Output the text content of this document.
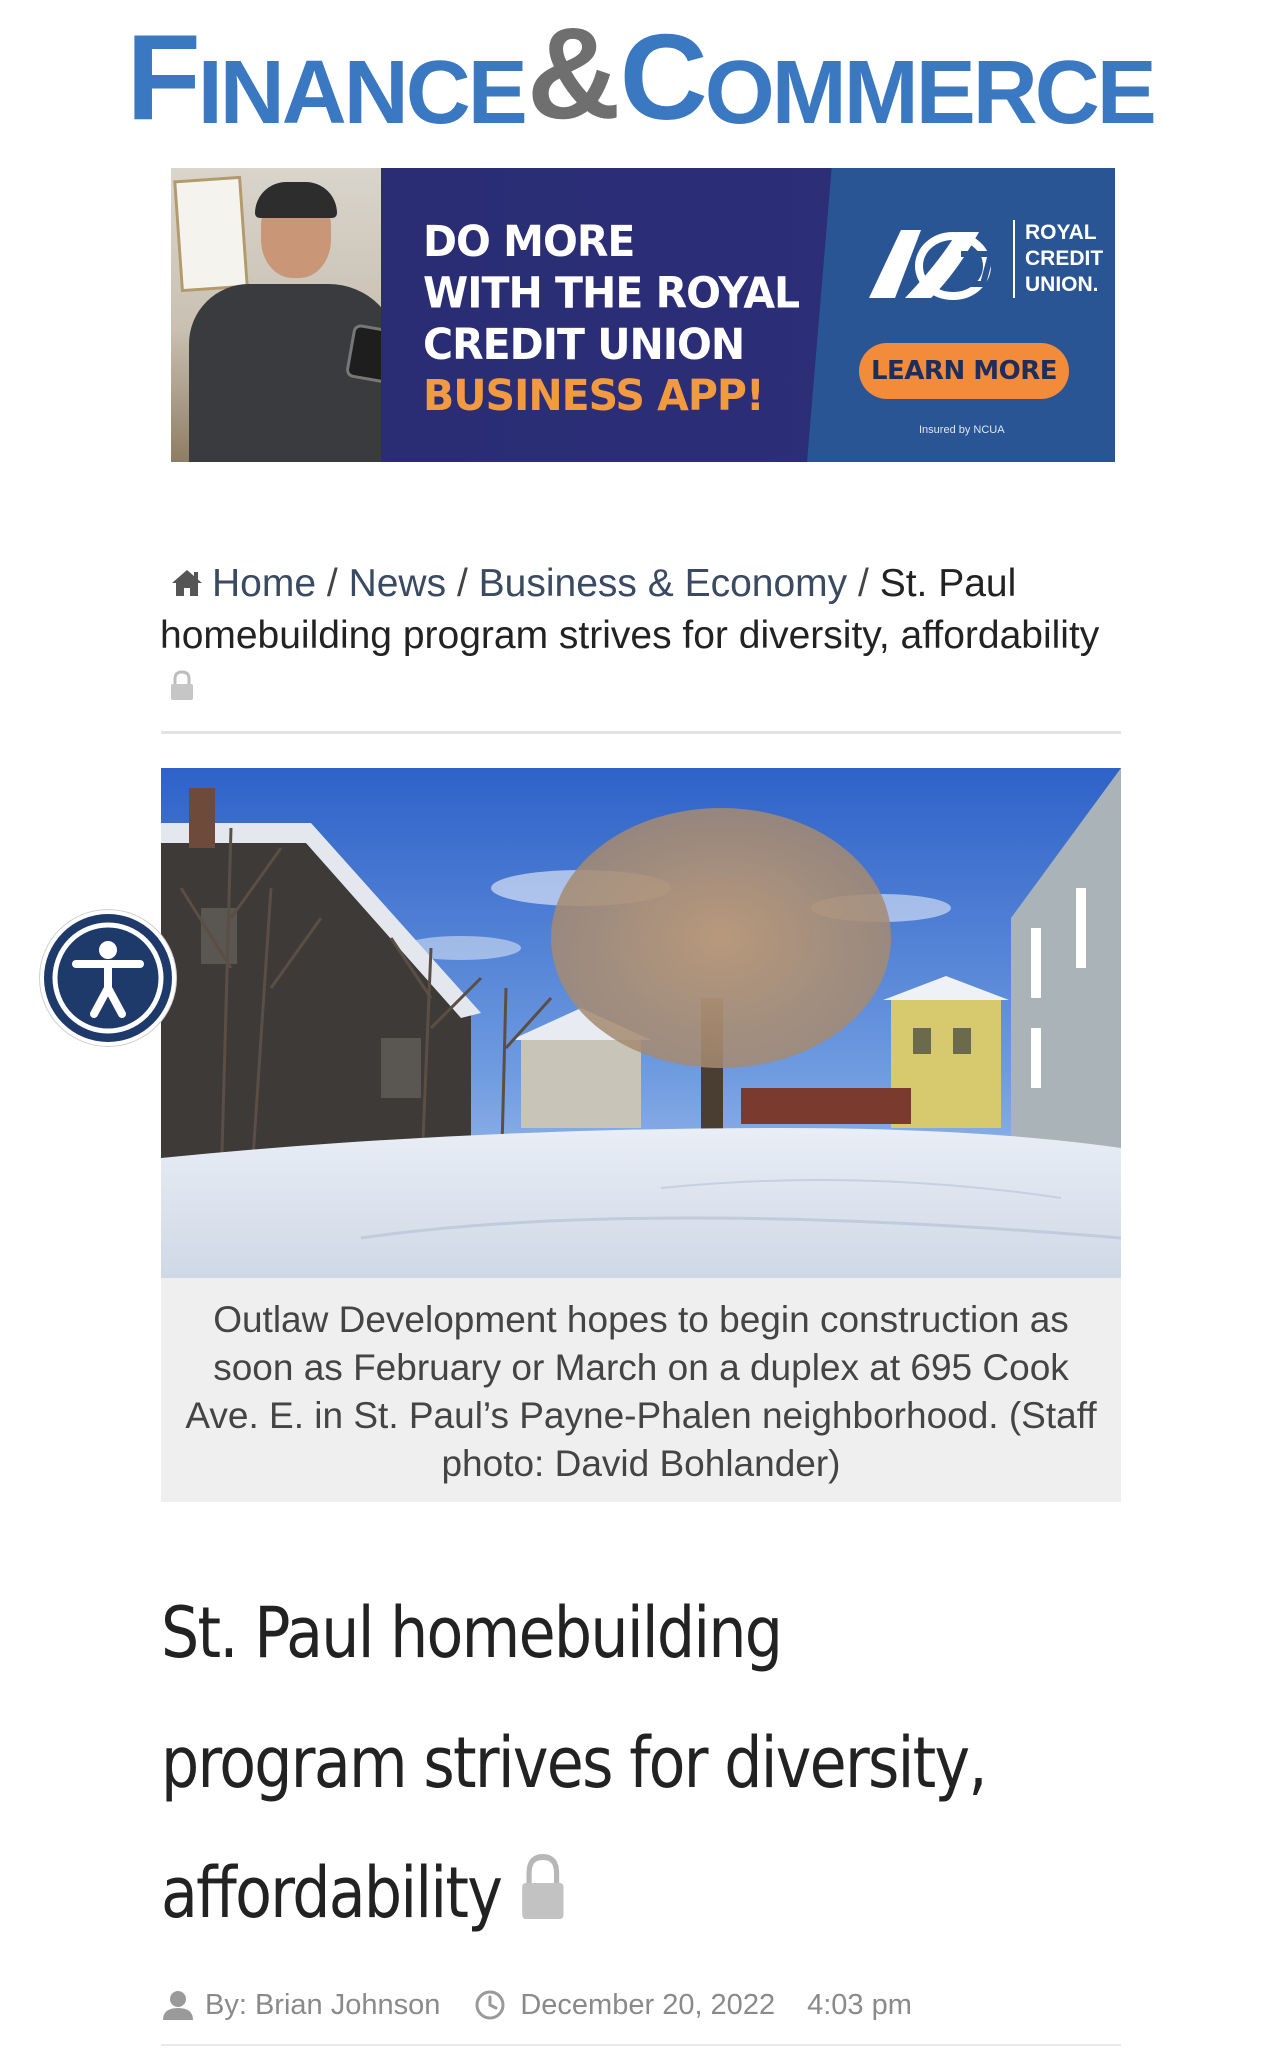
F INANCE & C OMMERCE
DO MORE
WITH THE ROYAL
CREDIT UNION
BUSINESS APP!
ROYAL
CREDIT
UNION.
LEARN MORE
Insured by NCUA
Home / News / Business & Economy / St. Paul homebuilding program strives for diversity, affordability
Outlaw Development hopes to begin construction as soon as February or March on a duplex at 695 Cook Ave. E. in St. Paul’s Payne-Phalen neighborhood. (Staff photo: David Bohlander)
St. Paul homebuilding program strives for diversity, affordability
By: Brian Johnson	December 20, 2022 4:03 pm
